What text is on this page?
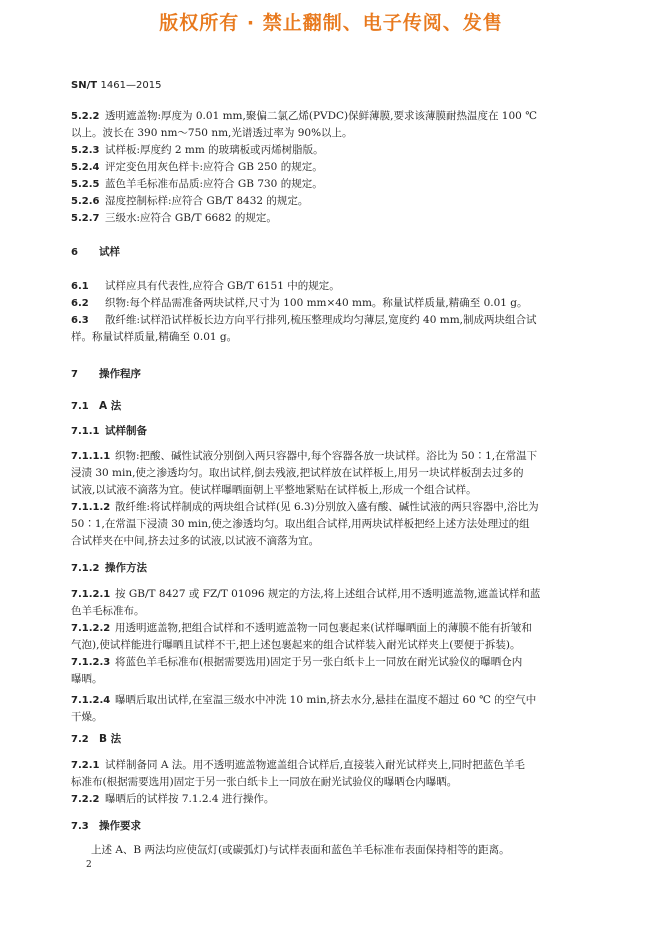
版权所有 · 禁止翻制、电子传阅、发售
SN/T 1461—2015

5.2.2 透明遮盖物:厚度为 0.01 mm,聚偏二氯乙烯(PVDC)保鲜薄膜,要求该薄膜耐热温度在 100 ℃

以上。波长在 390 nm～750 nm,光谱透过率为 90%以上。

5.2.3 试样板:厚度约 2 mm 的玻璃板或丙烯树脂版。

5.2.4 评定变色用灰色样卡:应符合 GB 250 的规定。

5.2.5 蓝色羊毛标准布品质:应符合 GB 730 的规定。

5.2.6 湿度控制标样:应符合 GB/T 8432 的规定。

5.2.7 三级水:应符合 GB/T 6682 的规定。

6 试样

6.1 试样应具有代表性,应符合 GB/T 6151 中的规定。

6.2 织物:每个样品需准备两块试样,尺寸为 100 mm×40 mm。称量试样质量,精确至 0.01 g。

6.3 散纤维:试样沿试样板长边方向平行排列,梳压整理成均匀薄层,宽度约 40 mm,制成两块组合试

样。称量试样质量,精确至 0.01 g。

7 操作程序
7.1 A 法
7.1.1 试样制备

7.1.1.1 织物:把酸、碱性试液分别倒入两只容器中,每个容器各放一块试样。浴比为 50∶1,在常温下

浸渍 30 min,使之渗透均匀。取出试样,倒去残液,把试样放在试样板上,用另一块试样板刮去过多的

试液,以试液不滴落为宜。使试样曝晒面朝上平整地紧贴在试样板上,形成一个组合试样。

7.1.1.2 散纤维:将试样制成的两块组合试样(见 6.3)分别放入盛有酸、碱性试液的两只容器中,浴比为

50∶1,在常温下浸渍 30 min,使之渗透均匀。取出组合试样,用两块试样板把经上述方法处理过的组

合试样夹在中间,挤去过多的试液,以试液不滴落为宜。

7.1.2 操作方法

7.1.2.1 按 GB/T 8427 或 FZ/T 01096 规定的方法,将上述组合试样,用不透明遮盖物,遮盖试样和蓝

色羊毛标准布。

7.1.2.2 用透明遮盖物,把组合试样和不透明遮盖物一同包裹起来(试样曝晒面上的薄膜不能有折皱和

气泡),使试样能进行曝晒且试样不干,把上述包裹起来的组合试样装入耐光试样夹上(要便于拆装)。

7.1.2.3 将蓝色羊毛标准布(根据需要选用)固定于另一张白纸卡上一同放在耐光试验仪的曝晒仓内

曝晒。

7.1.2.4 曝晒后取出试样,在室温三级水中冲洗 10 min,挤去水分,悬挂在温度不超过 60 ℃ 的空气中

干燥。

7.2 B 法

7.2.1 试样制备同 A 法。用不透明遮盖物遮盖组合试样后,直接装入耐光试样夹上,同时把蓝色羊毛

标准布(根据需要选用)固定于另一张白纸卡上一同放在耐光试验仪的曝晒仓内曝晒。

7.2.2 曝晒后的试样按 7.1.2.4 进行操作。

7.3 操作要求

上述 A、B 两法均应使氙灯(或碳弧灯)与试样表面和蓝色羊毛标准布表面保持相等的距离。

2
